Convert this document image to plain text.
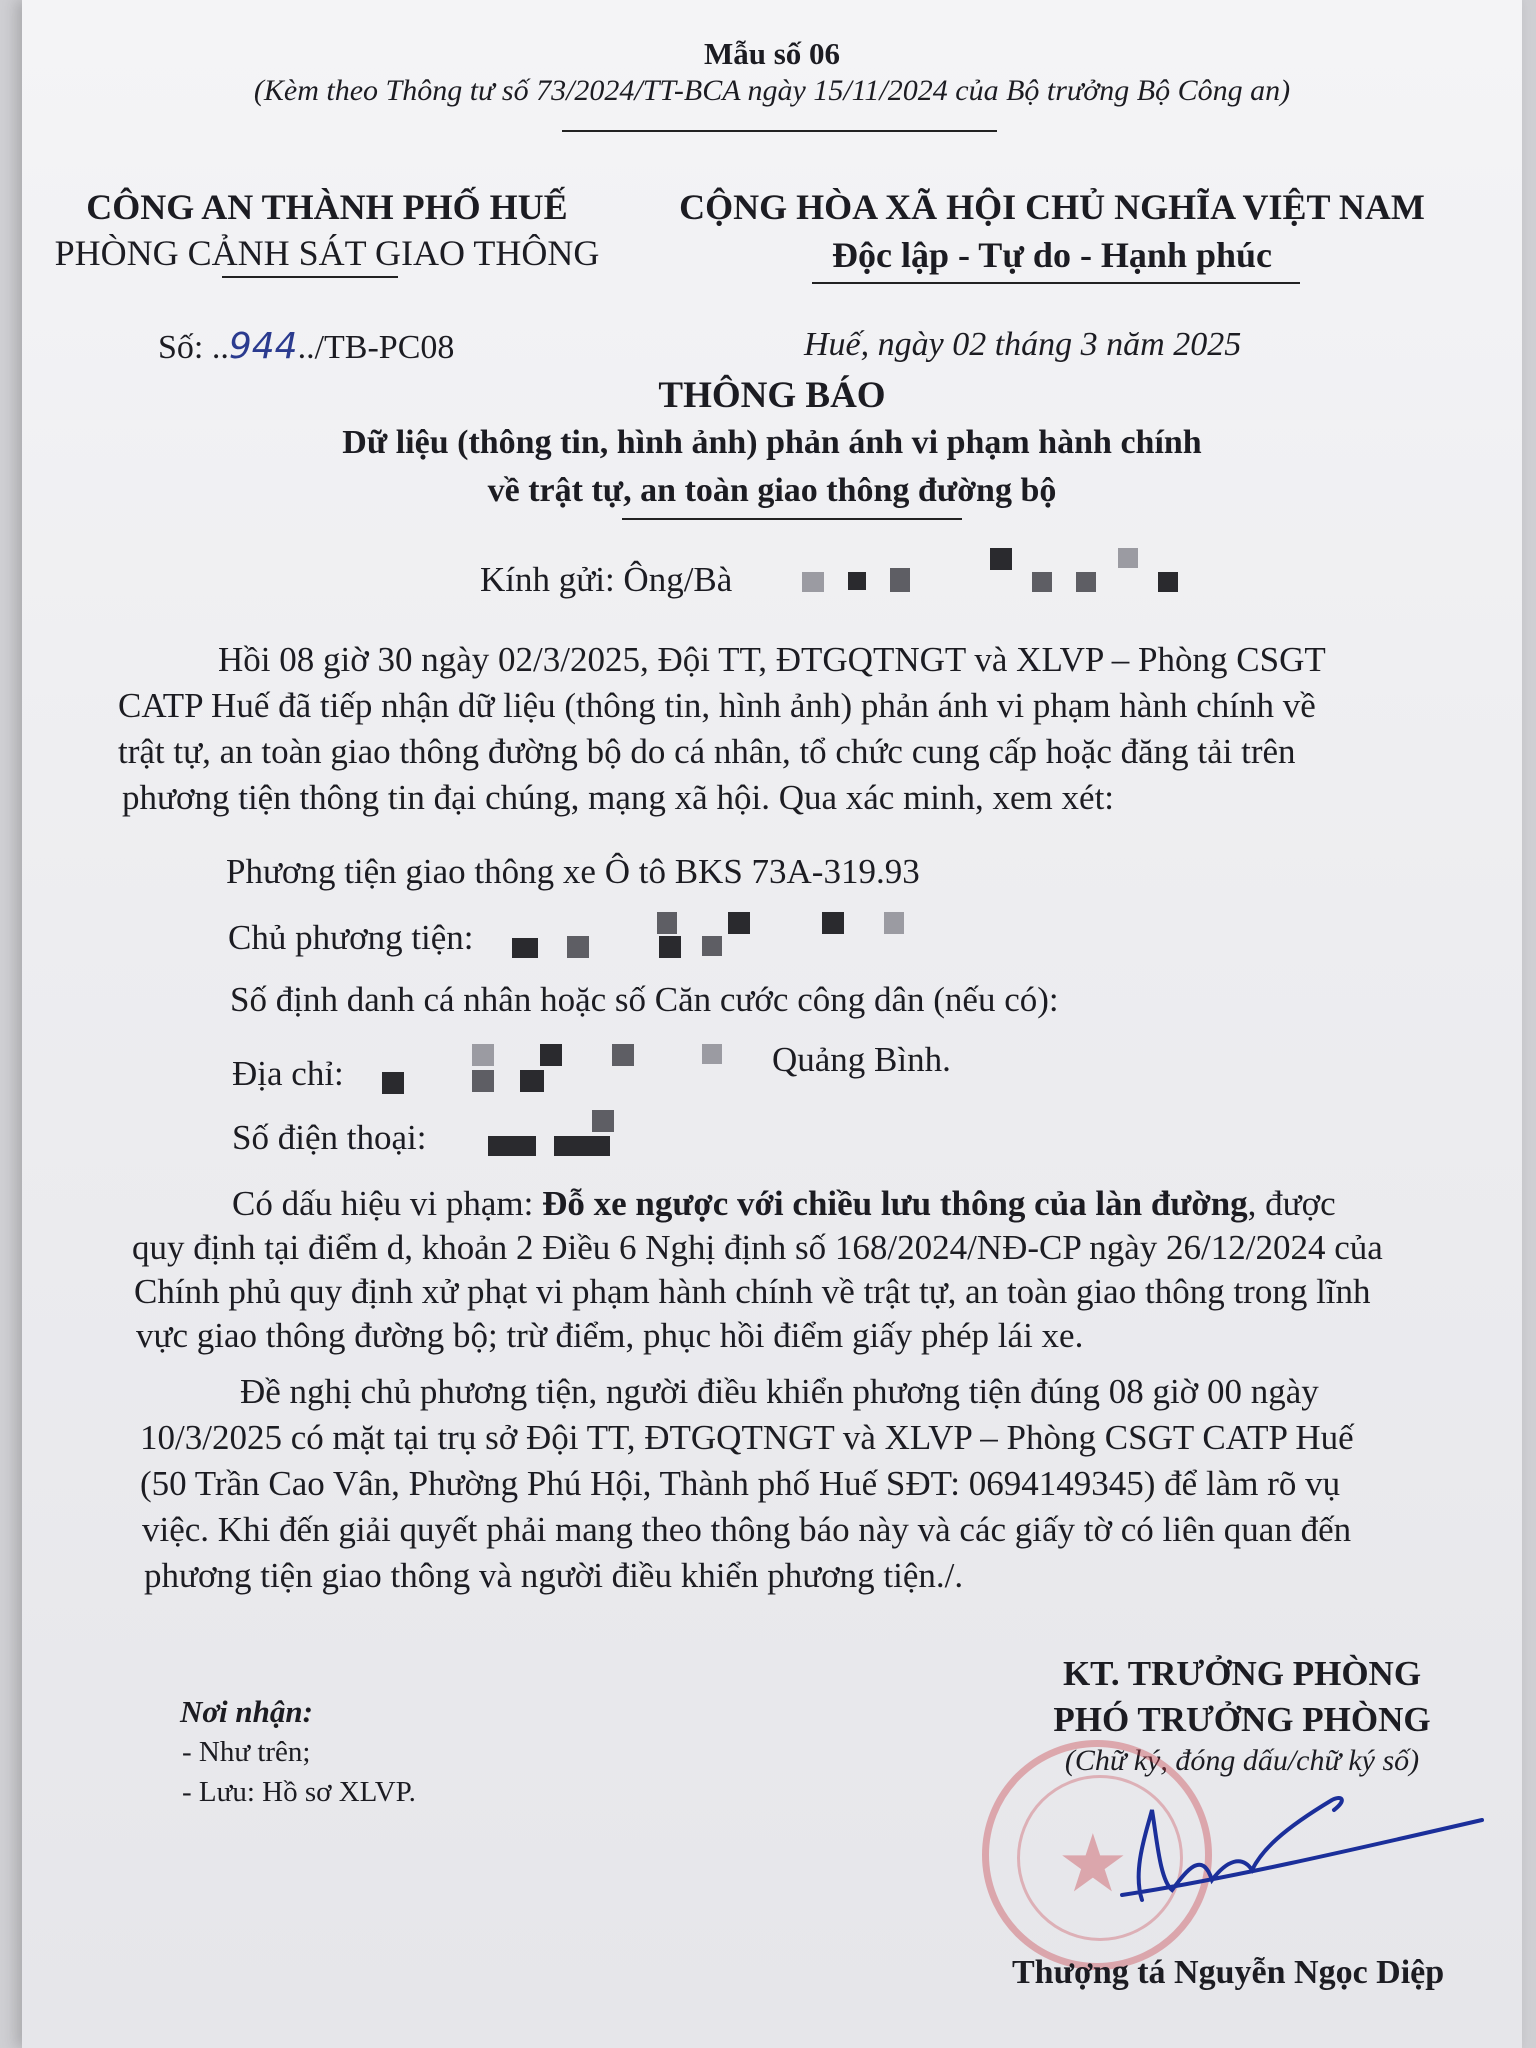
Mẫu số 06
(Kèm theo Thông tư số 73/2024/TT-BCA ngày 15/11/2024 của Bộ trưởng Bộ Công an)
CÔNG AN THÀNH PHỐ HUẾ
PHÒNG CẢNH SÁT GIAO THÔNG
CỘNG HÒA XÃ HỘI CHỦ NGHĨA VIỆT NAM
Độc lập - Tự do - Hạnh phúc
Số: ..944../TB-PC08	Huế, ngày 02 tháng 3 năm 2025
THÔNG BÁO
Dữ liệu (thông tin, hình ảnh) phản ánh vi phạm hành chính
về trật tự, an toàn giao thông đường bộ
Kính gửi: Ông/Bà
Hồi 08 giờ 30 ngày 02/3/2025, Đội TT, ĐTGQTNGT và XLVP – Phòng CSGT
CATP Huế đã tiếp nhận dữ liệu (thông tin, hình ảnh) phản ánh vi phạm hành chính về
trật tự, an toàn giao thông đường bộ do cá nhân, tổ chức cung cấp hoặc đăng tải trên
phương tiện thông tin đại chúng, mạng xã hội. Qua xác minh, xem xét:
Phương tiện giao thông xe Ô tô BKS 73A-319.93
Chủ phương tiện:
Số định danh cá nhân hoặc số Căn cước công dân (nếu có):
Địa chỉ:	Quảng Bình.
Số điện thoại:
Có dấu hiệu vi phạm: Đỗ xe ngược với chiều lưu thông của làn đường, được
quy định tại điểm d, khoản 2 Điều 6 Nghị định số 168/2024/NĐ-CP ngày 26/12/2024 của
Chính phủ quy định xử phạt vi phạm hành chính về trật tự, an toàn giao thông trong lĩnh
vực giao thông đường bộ; trừ điểm, phục hồi điểm giấy phép lái xe.
Đề nghị chủ phương tiện, người điều khiển phương tiện đúng 08 giờ 00 ngày
10/3/2025 có mặt tại trụ sở Đội TT, ĐTGQTNGT và XLVP – Phòng CSGT CATP Huế
(50 Trần Cao Vân, Phường Phú Hội, Thành phố Huế SĐT: 0694149345) để làm rõ vụ
việc. Khi đến giải quyết phải mang theo thông báo này và các giấy tờ có liên quan đến
phương tiện giao thông và người điều khiển phương tiện./.
Nơi nhận:
- Như trên;
- Lưu: Hồ sơ XLVP.
KT. TRƯỞNG PHÒNG
PHÓ TRƯỞNG PHÒNG
(Chữ ký, đóng dấu/chữ ký số)
★
Thượng tá Nguyễn Ngọc Diệp
